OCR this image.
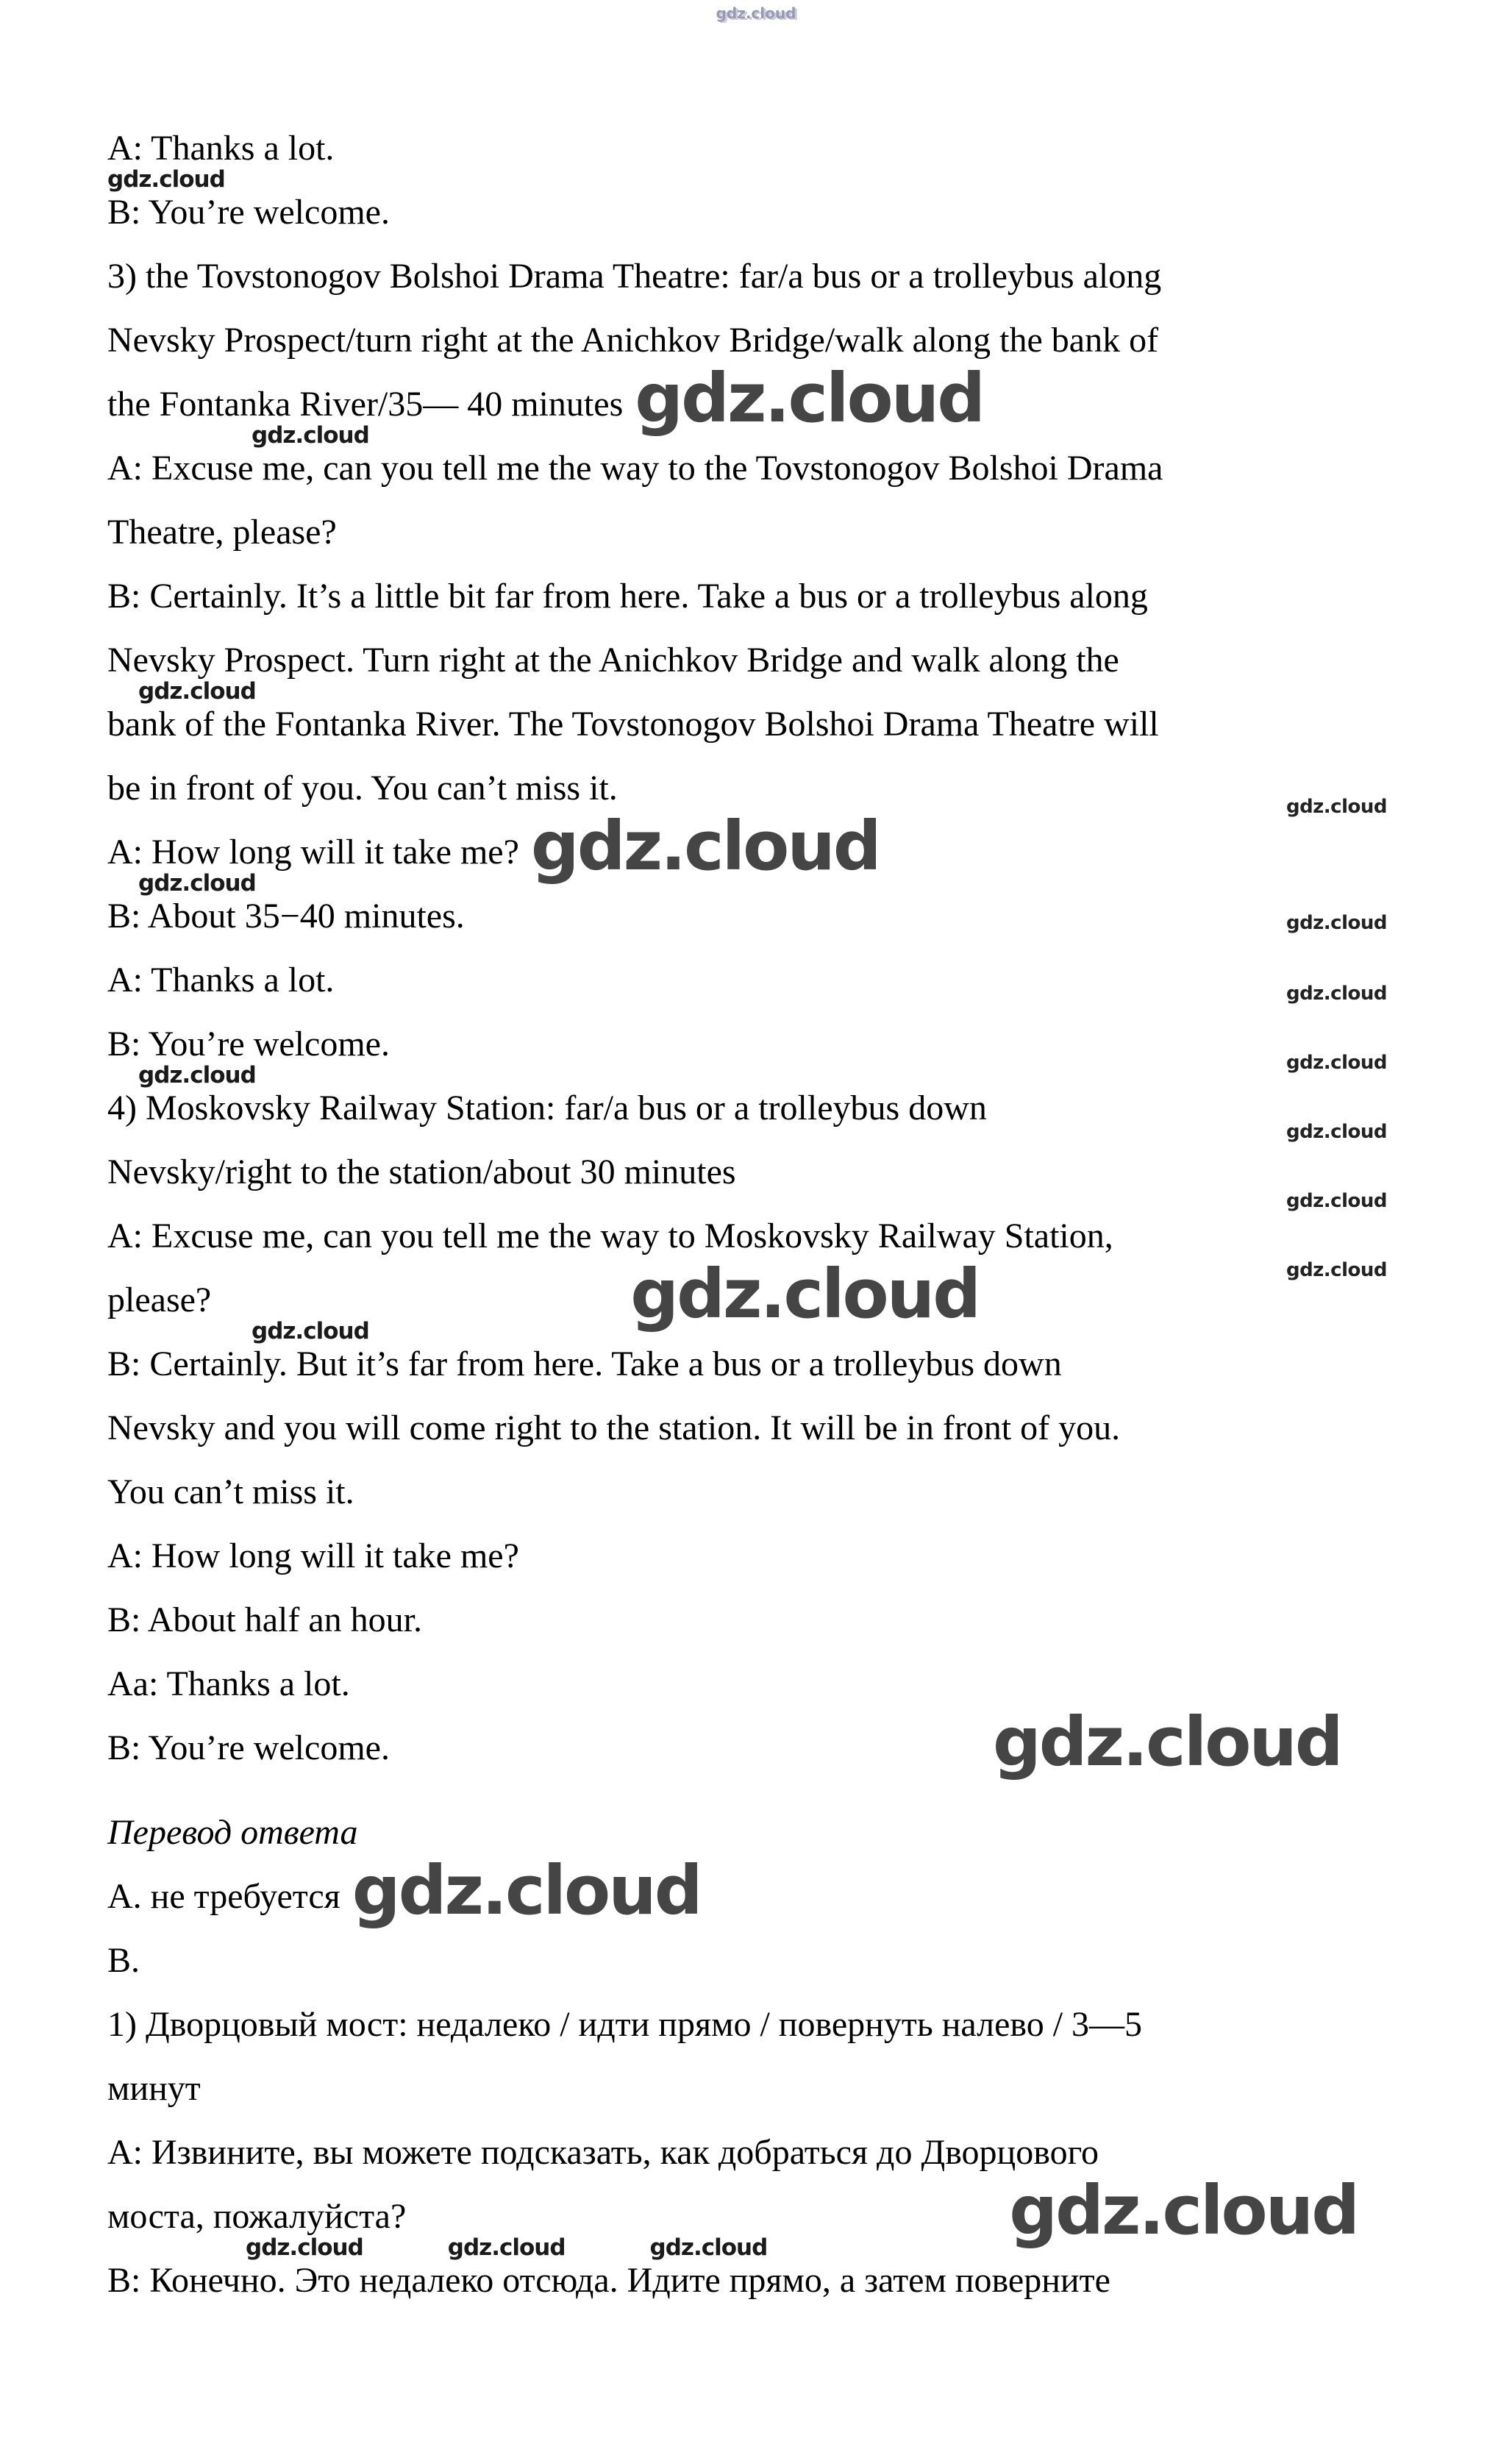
gdz.cloud
A: Thanks a lot.
gdz.cloud
B: You’re welcome.
3) the Tovstonogov Bolshoi Drama Theatre: far/a bus or a trolleybus along
Nevsky Prospect/turn right at the Anichkov Bridge/walk along the bank of
the Fontanka River/35— 40 minutes gdz.cloud
gdz.cloud
A: Excuse me, can you tell me the way to the Tovstonogov Bolshoi Drama
Theatre, please?
B: Certainly. It’s a little bit far from here. Take a bus or a trolleybus along
Nevsky Prospect. Turn right at the Anichkov Bridge and walk along the
gdz.cloud
bank of the Fontanka River. The Tovstonogov Bolshoi Drama Theatre will
be in front of you. You can’t miss it.
A: How long will it take me? gdz.cloud
gdz.cloud
B: About 35−40 minutes.
A: Thanks a lot.
B: You’re welcome.
gdz.cloud
4) Moskovsky Railway Station: far/a bus or a trolleybus down
Nevsky/right to the station/about 30 minutes
A: Excuse me, can you tell me the way to Moskovsky Railway Station,
please?	gdz.cloud
gdz.cloud
B: Certainly. But it’s far from here. Take a bus or a trolleybus down
Nevsky and you will come right to the station. It will be in front of you.
You can’t miss it.
A: How long will it take me?
B: About half an hour.
Aa: Thanks a lot.
B: You’re welcome.	gdz.cloud
Перевод ответа
А. не требуется gdz.cloud
В.
1) Дворцовый мост: недалеко / идти прямо / повернуть налево / 3—5
минут
A: Извините, вы можете подсказать, как добраться до Дворцового
моста, пожалуйста?	gdz.cloud
gdz.cloud	gdz.cloud	gdz.cloud
B: Конечно. Это недалеко отсюда. Идите прямо, а затем поверните
gdz.cloud
gdz.cloud
gdz.cloud
gdz.cloud
gdz.cloud
gdz.cloud
gdz.cloud
